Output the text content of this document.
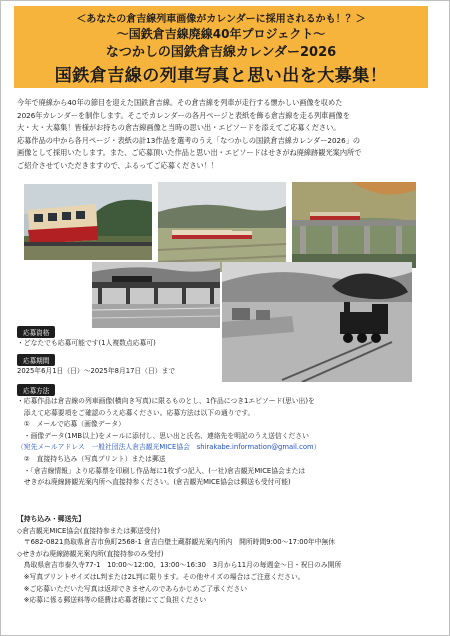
＜あなたの倉吉線列車画像がカレンダーに採用されるかも！？＞
～国鉄倉吉線廃線40年プロジェクト～
なつかしの国鉄倉吉線カレンダー2026
国鉄倉吉線の列車写真と思い出を大募集！

今年で廃線から40年の節目を迎えた国鉄倉吉線。その倉吉線を列車が走行する懐かしい画像を収めた

2026年カレンダーを制作します。そこでカレンダーの各月ページと表紙を飾る倉吉線を走る列車画像を

大・大・大募集！皆様がお持ちの倉吉線画像と当時の思い出・エピソードを添えてご応募ください。

応募作品の中から各月ページ・表紙の計13作品を選考のうえ「なつかしの国鉄倉吉線カレンダー2026」の

画像として採用いたします。また、ご応募頂いた作品と思い出・エピソードはせきがね廃線跡観光案内所で

ご紹介させていただきますので、ふるってご応募ください！！

応募資格

・どなたでも応募可能です(1人複数点応募可)

応募期間

2025年6月1日（日）～2025年8月17日（日）まで

応募方法

・応募作品は倉吉線の列車画像(横向き写真)に限るものとし、1作品につき1エピソード(思い出)を

　添えて応募要項をご確認のうえ応募ください。応募方法は以下の通りです。

　①　メールで応募（画像データ）

　・画像データ(1MB以上)をメールに添付し、思い出と氏名、連絡先を明記のうえ送信ください

（宛先メールアドレス　一般社団法人倉吉観光MICE協会　shirakabe.information@gmail.com）

　②　直接持ち込み（写真プリント）または郵送

　・「倉吉線情報」より応募票を印刷し作品毎に1枚ずつ記入、(一社)倉吉観光MICE協会または

　せきがね廃線跡観光案内所へ直接持参ください。(倉吉観光MICE協会は郵送も受付可能)

【持ち込み・郵送先】

◇倉吉観光MICE協会(直接持参または郵送受付)

　〒682-0821鳥取県倉吉市魚町2568-1 倉吉白壁土蔵群観光案内所内　開所時間9:00～17:00年中無休

◇せきがね廃線跡観光案内所(直接持参のみ受付)

　鳥取県倉吉市泰久寺77-1　10:00～12:00、13:00～16:30　3月から11月の毎週金～日・祝日のみ開所

　※写真プリントサイズはL判または2L判に限ります。その他サイズの場合はご注意ください。

　※ご応募いただいた写真は返却できませんのであらかじめご了承ください

　※応募に係る郵送料等の経費は応募者様にてご負担ください
